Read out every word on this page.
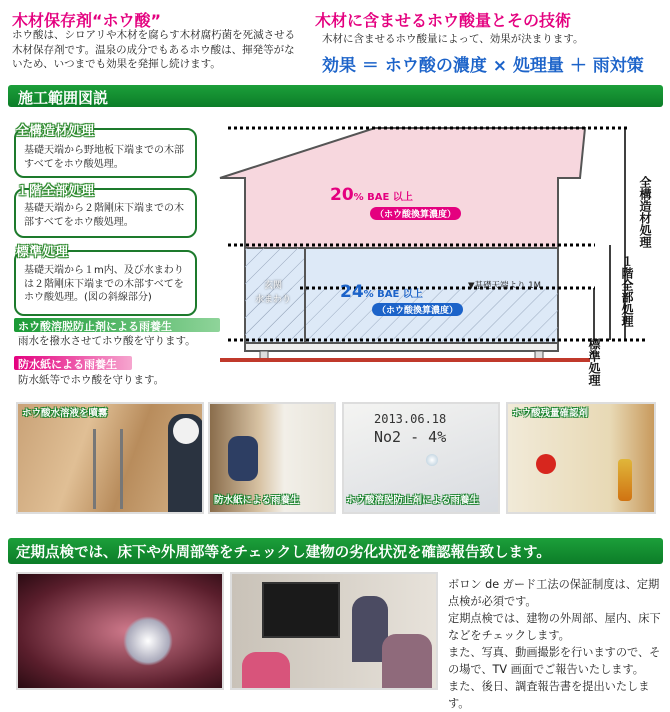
木材保存剤“ホウ酸”
ホウ酸は、シロアリや木材を腐らす木材腐朽菌を死滅させる木材保存剤です。温泉の成分でもあるホウ酸は、揮発等がないため、いつまでも効果を発揮し続けます。
木材に含ませるホウ酸量とその技術
木材に含ませるホウ酸量によって、効果が決まります。
効果 ＝ ホウ酸の濃度 × 処理量 ＋ 雨対策
施工範囲図説
基礎天端から野地板下端までの木部すべてをホウ酸処理。
全構造材処理
基礎天端から２階剛床下端までの木部すべてをホウ酸処理。
１階全部処理
基礎天端から１m内、及び水まわりは２階剛床下端までの木部すべてをホウ酸処理。(図の斜線部分)
標準処理
ホウ酸溶脱防止剤による雨養生
雨水を撥水させてホウ酸を守ります。
防水紙による雨養生
防水紙等でホウ酸を守ります。
20% BAE 以上
（ホウ酸換算濃度）
24% BAE 以上
（ホウ酸換算濃度）
玄関
水まわり
▼基礎天端より 1M
全構造材処理
１階全部処理
標準処理
ホウ酸水溶液を噴霧
防水紙による雨養生
2013.06.18
No2 - 4%
ホウ酸溶脱防止剤による雨養生
ホウ酸残量確認剤
定期点検では、床下や外周部等をチェックし建物の劣化状況を確認報告致します。
ボロン de ガード工法の保証制度は、定期点検が必須です。
定期点検では、建物の外周部、屋内、床下などをチェックします。
また、写真、動画撮影を行いますので、その場で、TV 画面でご報告いたします。
また、後日、調査報告書を提出いたします。
